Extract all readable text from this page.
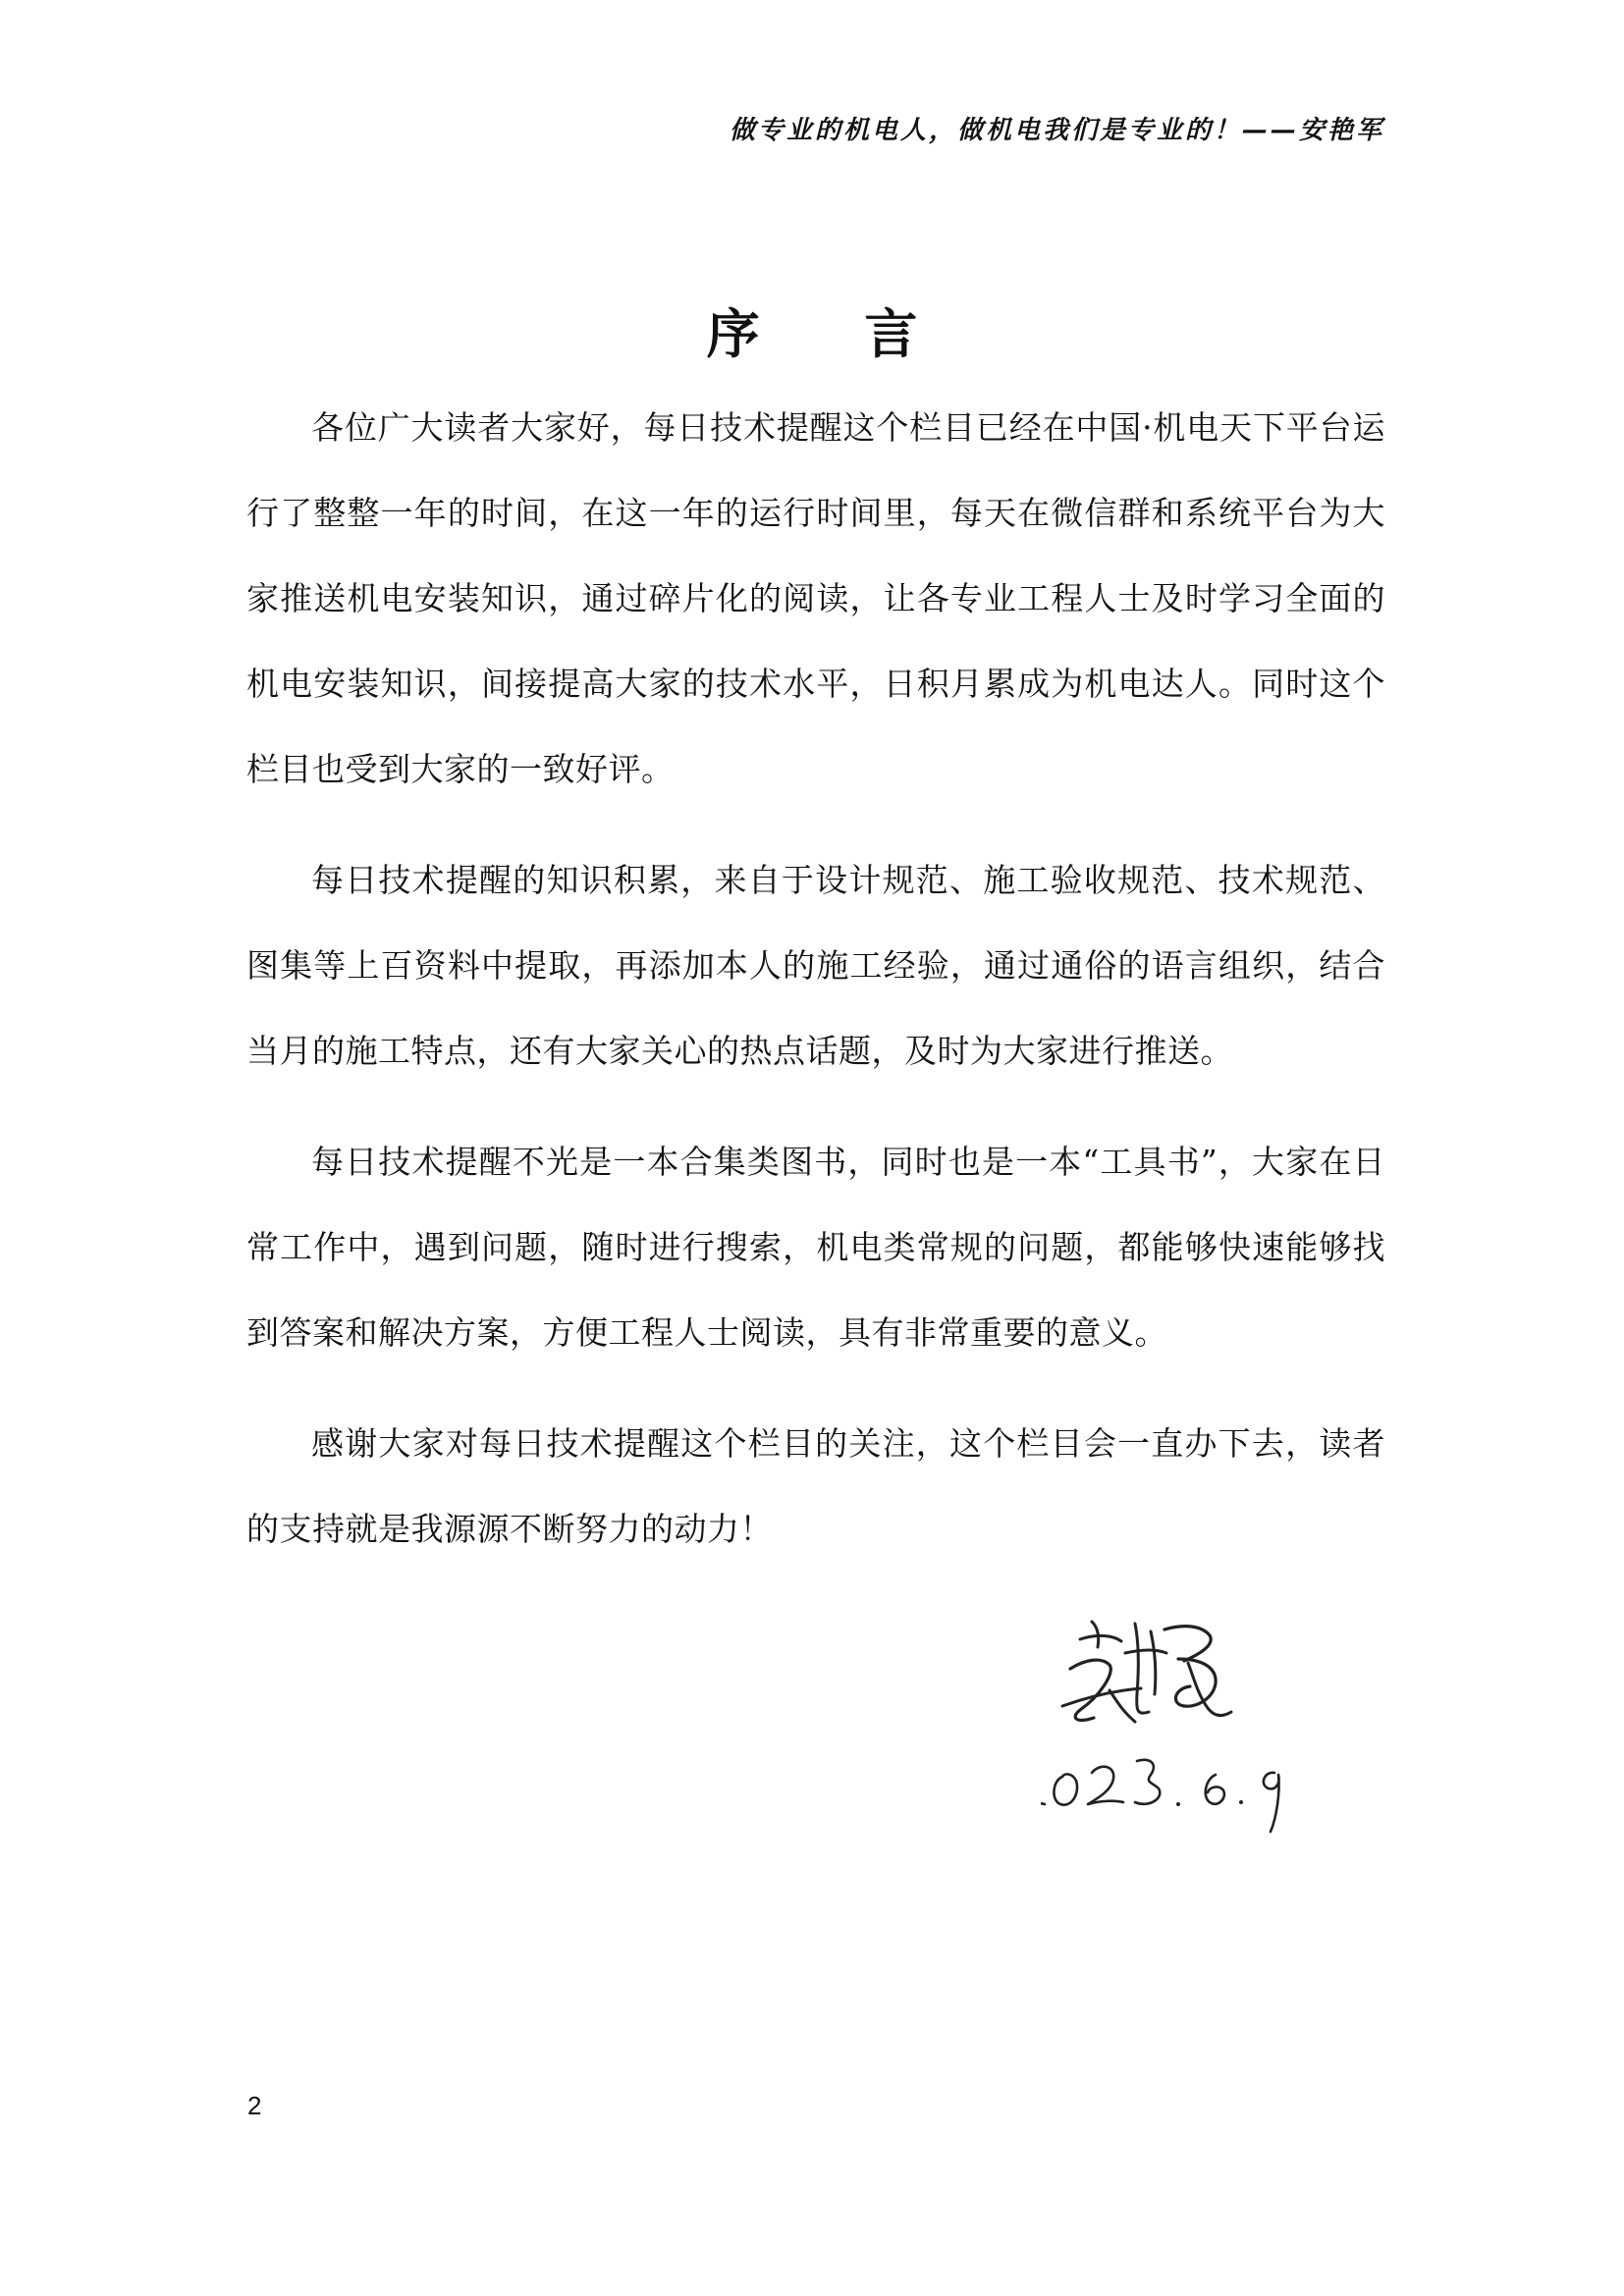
做专业的机电人，做机电我们是专业的！——安艳军
序 言

各位广大读者大家好，每日技术提醒这个栏目已经在中国·机电天下平台运行了整整一年的时间，在这一年的运行时间里，每天在微信群和系统平台为大家推送机电安装知识，通过碎片化的阅读，让各专业工程人士及时学习全面的机电安装知识，间接提高大家的技术水平，日积月累成为机电达人。同时这个栏目也受到大家的一致好评。

每日技术提醒的知识积累，来自于设计规范、施工验收规范、技术规范、图集等上百资料中提取，再添加本人的施工经验，通过通俗的语言组织，结合当月的施工特点，还有大家关心的热点话题，及时为大家进行推送。

每日技术提醒不光是一本合集类图书，同时也是一本“工具书”，大家在日常工作中，遇到问题，随时进行搜索，机电类常规的问题，都能够快速能够找到答案和解决方案，方便工程人士阅读，具有非常重要的意义。

感谢大家对每日技术提醒这个栏目的关注，这个栏目会一直办下去，读者的支持就是我源源不断努力的动力！

2
